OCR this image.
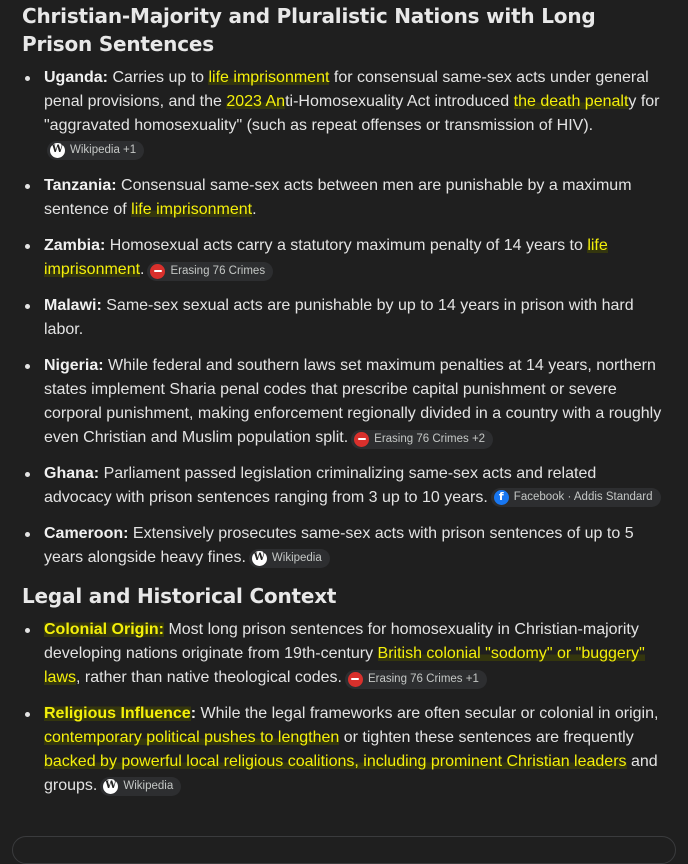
Christian-Majority and Pluralistic Nations with Long Prison Sentences
Uganda: Carries up to life imprisonment for consensual same-sex acts under general penal provisions, and the 2023 Anti-Homosexuality Act introduced the death penalty for "aggravated homosexuality" (such as repeat offenses or transmission of HIV).
W Wikipedia +1
Tanzania: Consensual same-sex acts between men are punishable by a maximum sentence of life imprisonment.
Zambia: Homosexual acts carry a statutory maximum penalty of 14 years to life imprisonment. Erasing 76 Crimes
Malawi: Same-sex sexual acts are punishable by up to 14 years in prison with hard labor.
Nigeria: While federal and southern laws set maximum penalties at 14 years, northern states implement Sharia penal codes that prescribe capital punishment or severe corporal punishment, making enforcement regionally divided in a country with a roughly even Christian and Muslim population split. Erasing 76 Crimes +2
Ghana: Parliament passed legislation criminalizing same-sex acts and related advocacy with prison sentences ranging from 3 up to 10 years.	f Facebook · Addis Standard
Cameroon: Extensively prosecutes same-sex acts with prison sentences of up to 5 years alongside heavy fines. W Wikipedia
Legal and Historical Context
Colonial Origin: Most long prison sentences for homosexuality in Christian-majority developing nations originate from 19th-century British colonial "sodomy" or "buggery" laws, rather than native theological codes. Erasing 76 Crimes +1
Religious Influence: While the legal frameworks are often secular or colonial in origin, contemporary political pushes to lengthen or tighten these sentences are frequently backed by powerful local religious coalitions, including prominent Christian leaders and groups. W Wikipedia
